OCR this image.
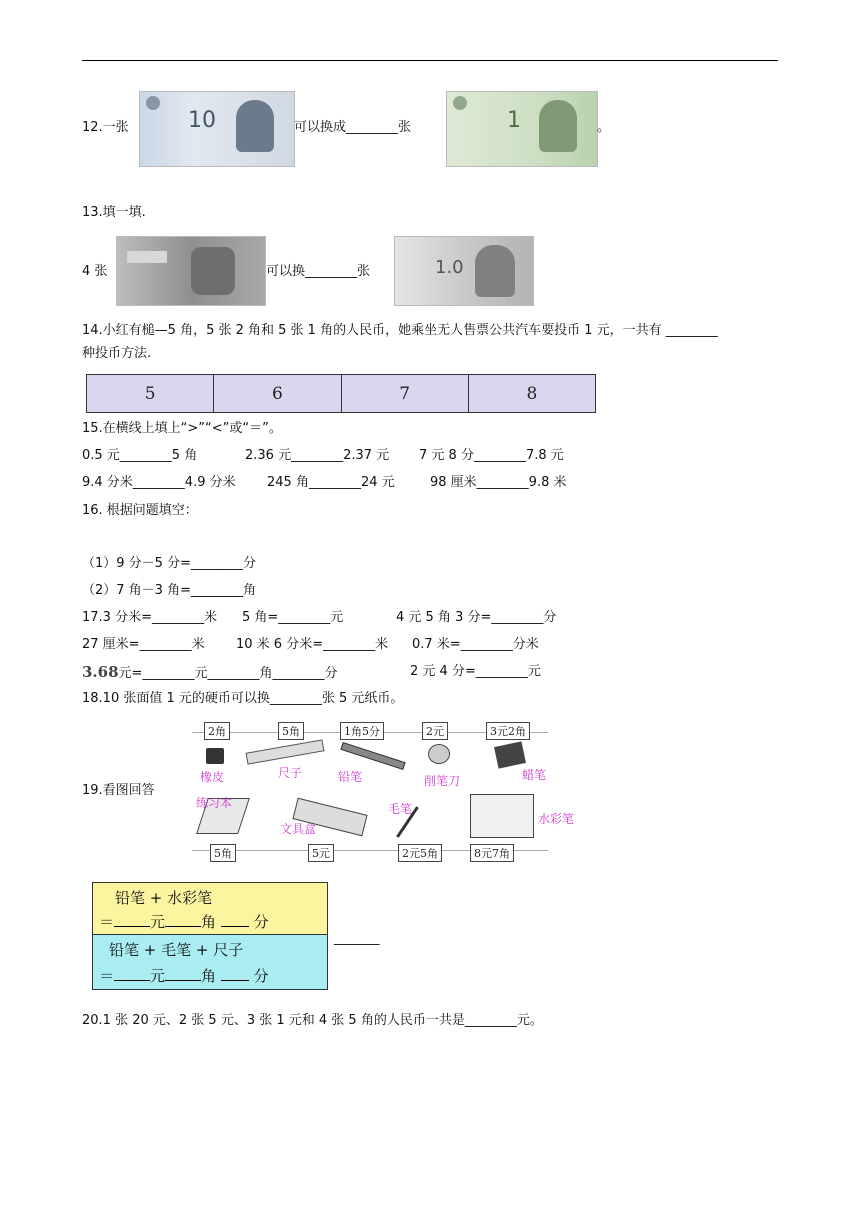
12.一张	10	可以换成________张	1	。
13.填一填.
4 张	可以换________张	1.0
14.小红有槌—5 角，5 张 2 角和 5 张 1 角的人民币，她乘坐无人售票公共汽车要投币 1 元，一共有 ________
种投币方法.
5	6	7	8
15.在横线上填上“>”“<”或“＝”。
0.5 元________5 角	2.36 元________2.37 元 7 元 8 分________7.8 元
9.4 分米________4.9 分米 245 角________24 元	98 厘米________9.8 米
16. 根据问题填空：
（1）9 分－5 分=________分
（2）7 角－3 角=________角
17.3 分米=________米 5 角=________元	4 元 5 角 3 分=________分
27 厘米=________米 10 米 6 分米=________米 0.7 米=________分米
3.68元=________元________角________分	2 元 4 分=________元
18.10 张面值 1 元的硬币可以换________张 5 元纸币。
19.看图回答
2角	5角	1角5分	2元	3元2角
橡皮	尺子	铅笔	削笔刀	蜡笔
练习本
文具盒
毛笔
水彩笔
5角	5元	2元5角	8元7角
铅笔 + 水彩笔
＝ 元 角	分
铅笔 + 毛笔 + 尺子
＝ 元 角	分
_______
20.1 张 20 元、2 张 5 元、3 张 1 元和 4 张 5 角的人民币一共是________元。
